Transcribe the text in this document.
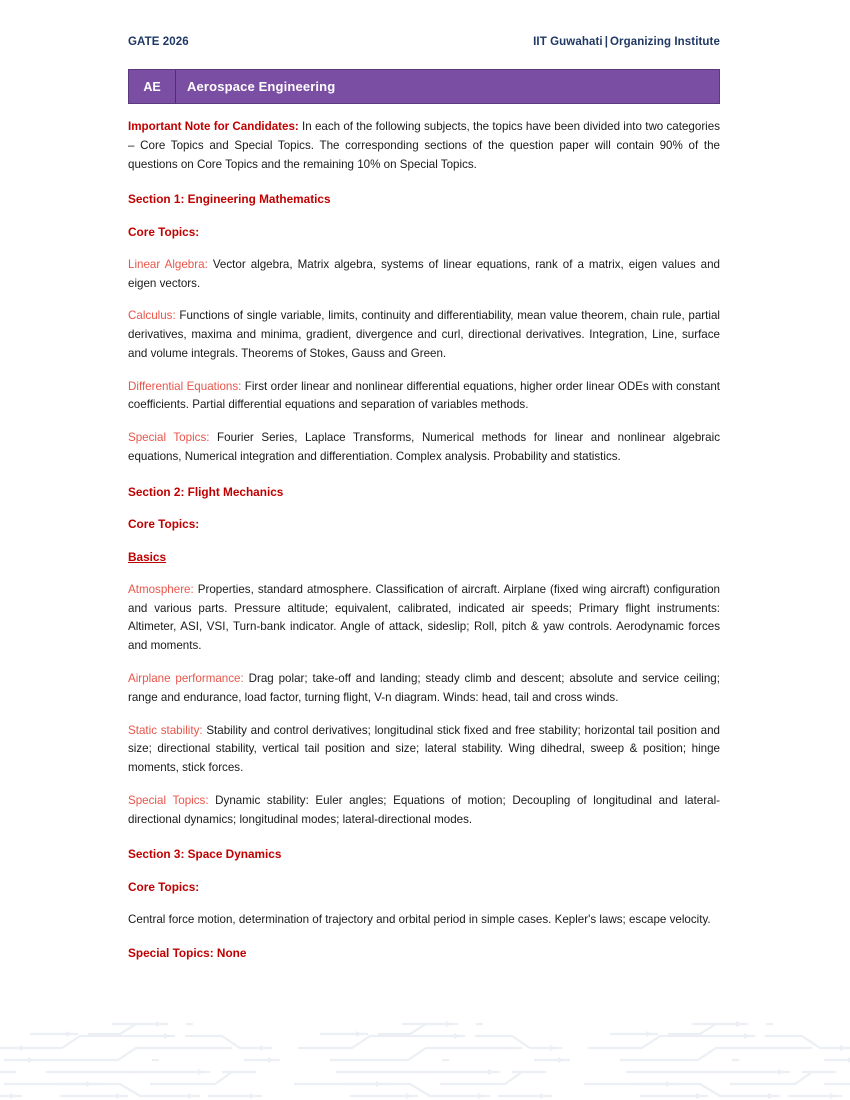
GATE 2026	IIT Guwahati | Organizing Institute
AE	Aerospace Engineering

Important Note for Candidates: In each of the following subjects, the topics have been divided into two categories – Core Topics and Special Topics. The corresponding sections of the question paper will contain 90% of the questions on Core Topics and the remaining 10% on Special Topics.

Section 1: Engineering Mathematics
Core Topics:

Linear Algebra: Vector algebra, Matrix algebra, systems of linear equations, rank of a matrix, eigen values and eigen vectors.

Calculus: Functions of single variable, limits, continuity and differentiability, mean value theorem, chain rule, partial derivatives, maxima and minima, gradient, divergence and curl, directional derivatives. Integration, Line, surface and volume integrals. Theorems of Stokes, Gauss and Green.

Differential Equations: First order linear and nonlinear differential equations, higher order linear ODEs with constant coefficients. Partial differential equations and separation of variables methods.

Special Topics: Fourier Series, Laplace Transforms, Numerical methods for linear and nonlinear algebraic equations, Numerical integration and differentiation. Complex analysis. Probability and statistics.

Section 2: Flight Mechanics
Core Topics:
Basics

Atmosphere: Properties, standard atmosphere. Classification of aircraft. Airplane (fixed wing aircraft) configuration and various parts. Pressure altitude; equivalent, calibrated, indicated air speeds; Primary flight instruments: Altimeter, ASI, VSI, Turn-bank indicator. Angle of attack, sideslip; Roll, pitch & yaw controls. Aerodynamic forces and moments.

Airplane performance: Drag polar; take-off and landing; steady climb and descent; absolute and service ceiling; range and endurance, load factor, turning flight, V-n diagram. Winds: head, tail and cross winds.

Static stability: Stability and control derivatives; longitudinal stick fixed and free stability; horizontal tail position and size; directional stability, vertical tail position and size; lateral stability. Wing dihedral, sweep & position; hinge moments, stick forces.

Special Topics: Dynamic stability: Euler angles; Equations of motion; Decoupling of longitudinal and lateral-directional dynamics; longitudinal modes; lateral-directional modes.

Section 3: Space Dynamics
Core Topics:

Central force motion, determination of trajectory and orbital period in simple cases. Kepler's laws; escape velocity.

Special Topics: None
